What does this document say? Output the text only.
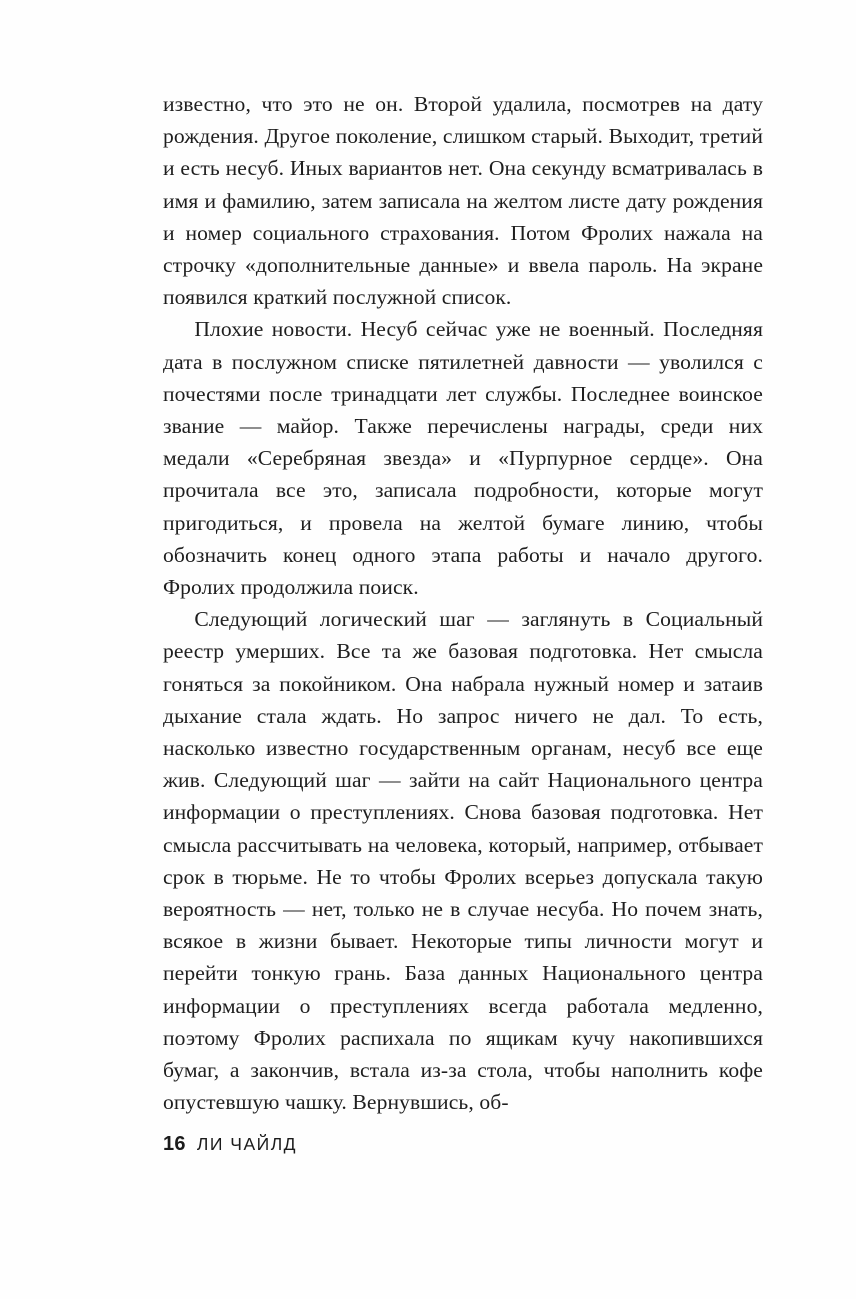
известно, что это не он. Второй удалила, посмотрев на дату рождения. Другое поколение, слишком старый. Выходит, третий и есть несуб. Иных вариантов нет. Она секунду всматривалась в имя и фамилию, затем записала на желтом листе дату рождения и номер социального страхования. Потом Фролих нажала на строчку «дополнительные данные» и ввела пароль. На экране появился краткий послужной список.

Плохие новости. Несуб сейчас уже не военный. Последняя дата в послужном списке пятилетней давности — уволился с почестями после тринадцати лет службы. Последнее воинское звание — майор. Также перечислены награды, среди них медали «Серебряная звезда» и «Пурпурное сердце». Она прочитала все это, записала подробности, которые могут пригодиться, и провела на желтой бумаге линию, чтобы обозначить конец одного этапа работы и начало другого. Фролих продолжила поиск.

Следующий логический шаг — заглянуть в Социальный реестр умерших. Все та же базовая подготовка. Нет смысла гоняться за покойником. Она набрала нужный номер и затаив дыхание стала ждать. Но запрос ничего не дал. То есть, насколько известно государственным органам, несуб все еще жив. Следующий шаг — зайти на сайт Национального центра информации о преступлениях. Снова базовая подготовка. Нет смысла рассчитывать на человека, который, например, отбывает срок в тюрьме. Не то чтобы Фролих всерьез допускала такую вероятность — нет, только не в случае несуба. Но почем знать, всякое в жизни бывает. Некоторые типы личности могут и перейти тонкую грань. База данных Национального центра информации о преступлениях всегда работала медленно, поэтому Фролих распихала по ящикам кучу накопившихся бумаг, а закончив, встала из-за стола, чтобы наполнить кофе опустевшую чашку. Вернувшись, об-

16 ЛИ ЧАЙЛД
